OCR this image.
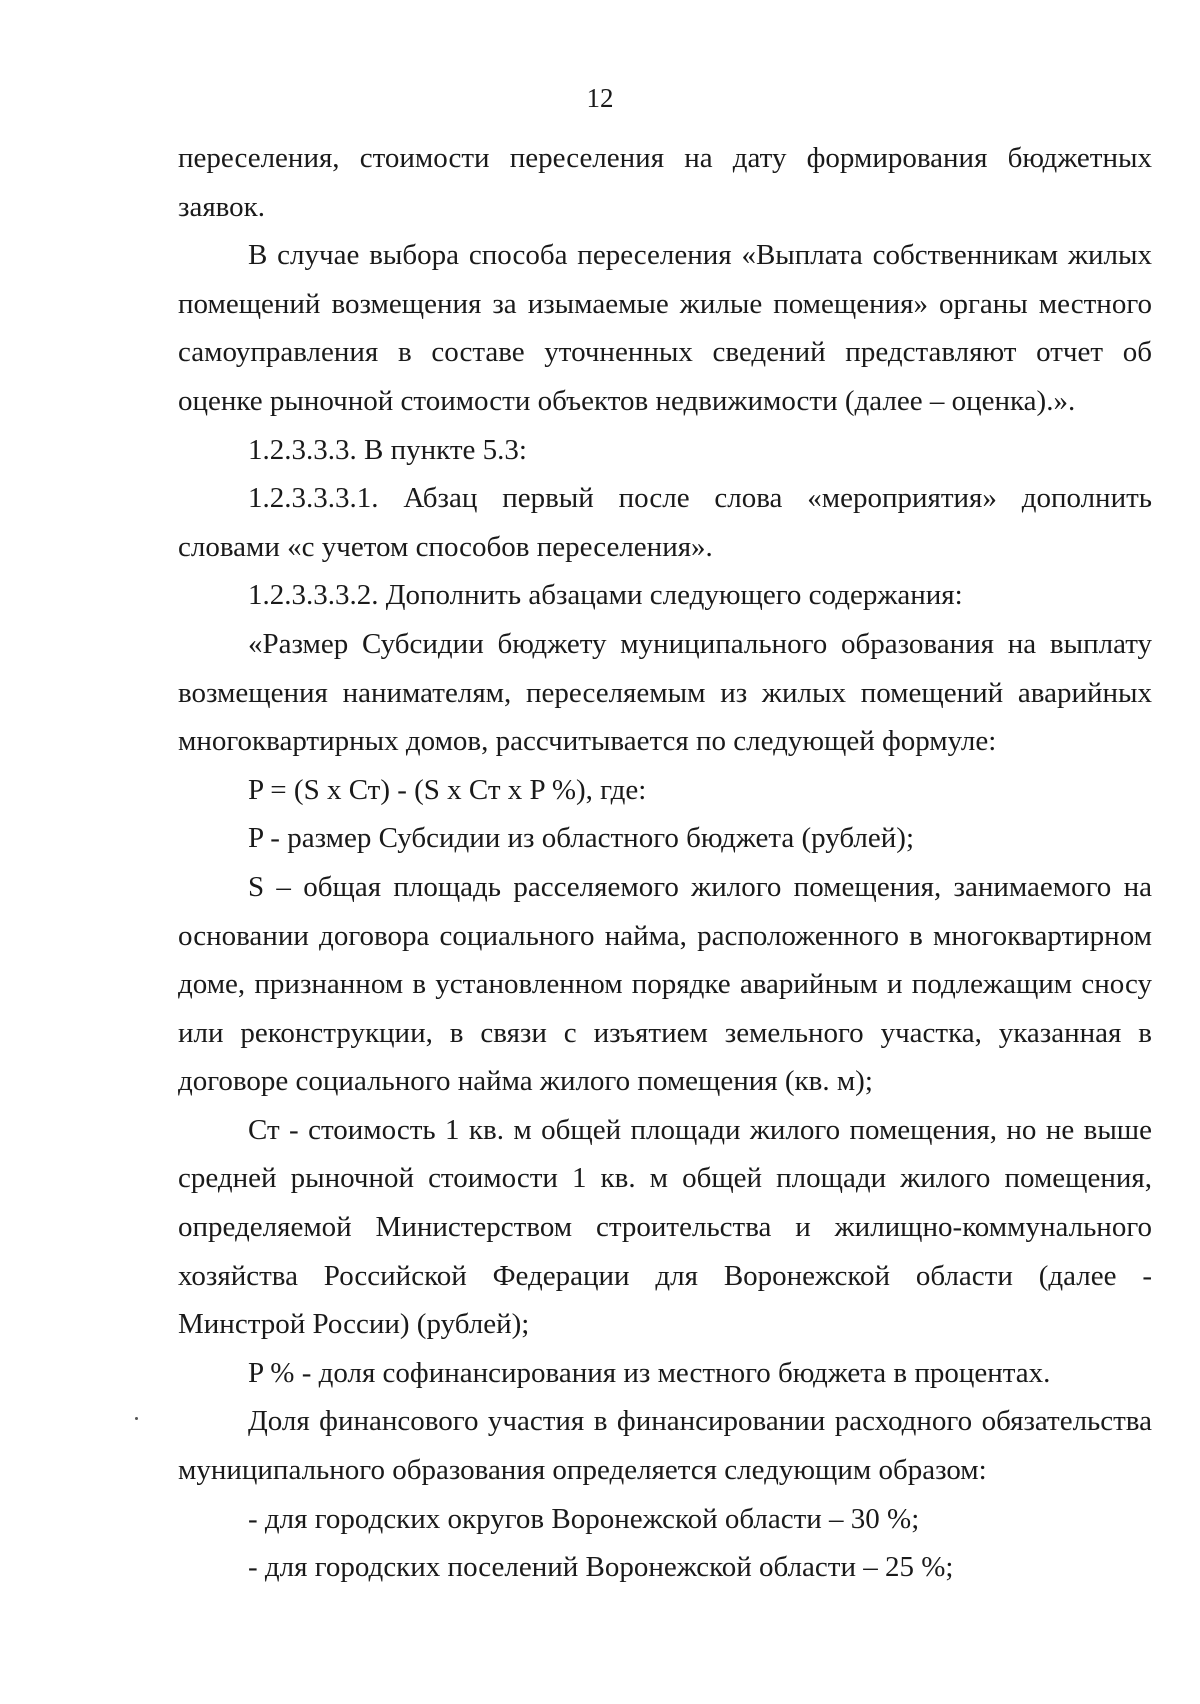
12

переселения, стоимости переселения на дату формирования бюджетных заявок.

В случае выбора способа переселения «Выплата собственникам жилых помещений возмещения за изымаемые жилые помещения» органы местного самоуправления в составе уточненных сведений представляют отчет об оценке рыночной стоимости объектов недвижимости (далее – оценка).».

1.2.3.3.3. В пункте 5.3:

1.2.3.3.3.1. Абзац первый после слова «мероприятия» дополнить словами «с учетом способов переселения».

1.2.3.3.3.2. Дополнить абзацами следующего содержания:

«Размер Субсидии бюджету муниципального образования на выплату возмещения нанимателям, переселяемым из жилых помещений аварийных многоквартирных домов, рассчитывается по следующей формуле:

P = (S x Ст) - (S x Ст x P %), где:

P - размер Субсидии из областного бюджета (рублей);

S – общая площадь расселяемого жилого помещения, занимаемого на основании договора социального найма, расположенного в многоквартирном доме, признанном в установленном порядке аварийным и подлежащим сносу или реконструкции, в связи с изъятием земельного участка, указанная в договоре социального найма жилого помещения (кв. м);

Ст - стоимость 1 кв. м общей площади жилого помещения, но не выше средней рыночной стоимости 1 кв. м общей площади жилого помещения, определяемой Министерством строительства и жилищно-коммунального хозяйства Российской Федерации для Воронежской области (далее - Минстрой России) (рублей);

P % - доля софинансирования из местного бюджета в процентах.

Доля финансового участия в финансировании расходного обязательства муниципального образования определяется следующим образом:

- для городских округов Воронежской области – 30 %;

- для городских поселений Воронежской области – 25 %;
